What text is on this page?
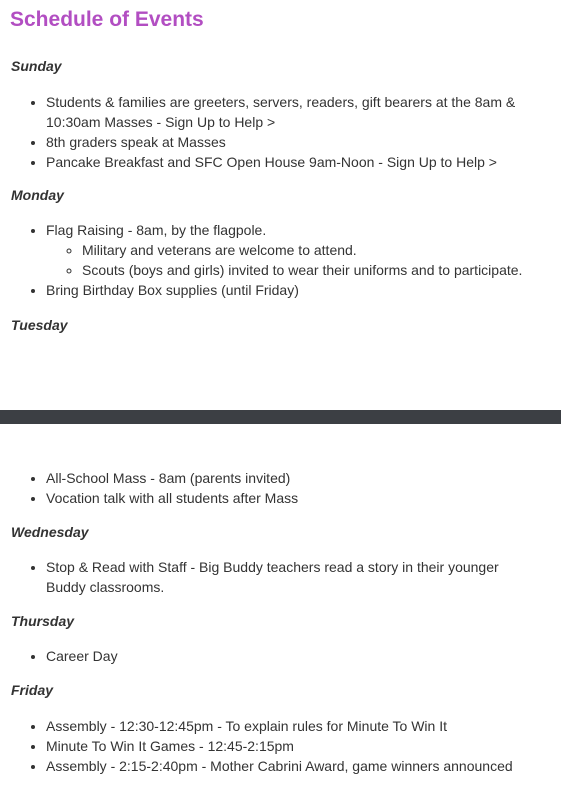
Schedule of Events

Sunday

• Students & families are greeters, servers, readers, gift bearers at the 8am & 10:30am Masses - Sign Up to Help >
• 8th graders speak at Masses
• Pancake Breakfast and SFC Open House 9am-Noon - Sign Up to Help >

Monday

• Flag Raising - 8am, by the flagpole.
◦ Military and veterans are welcome to attend.
◦ Scouts (boys and girls) invited to wear their uniforms and to participate.
• Bring Birthday Box supplies (until Friday)

Tuesday

• All-School Mass - 8am (parents invited)
• Vocation talk with all students after Mass

Wednesday

• Stop & Read with Staff - Big Buddy teachers read a story in their younger Buddy classrooms.

Thursday

• Career Day

Friday

• Assembly - 12:30-12:45pm - To explain rules for Minute To Win It
• Minute To Win It Games - 12:45-2:15pm
• Assembly - 2:15-2:40pm - Mother Cabrini Award, game winners announced
